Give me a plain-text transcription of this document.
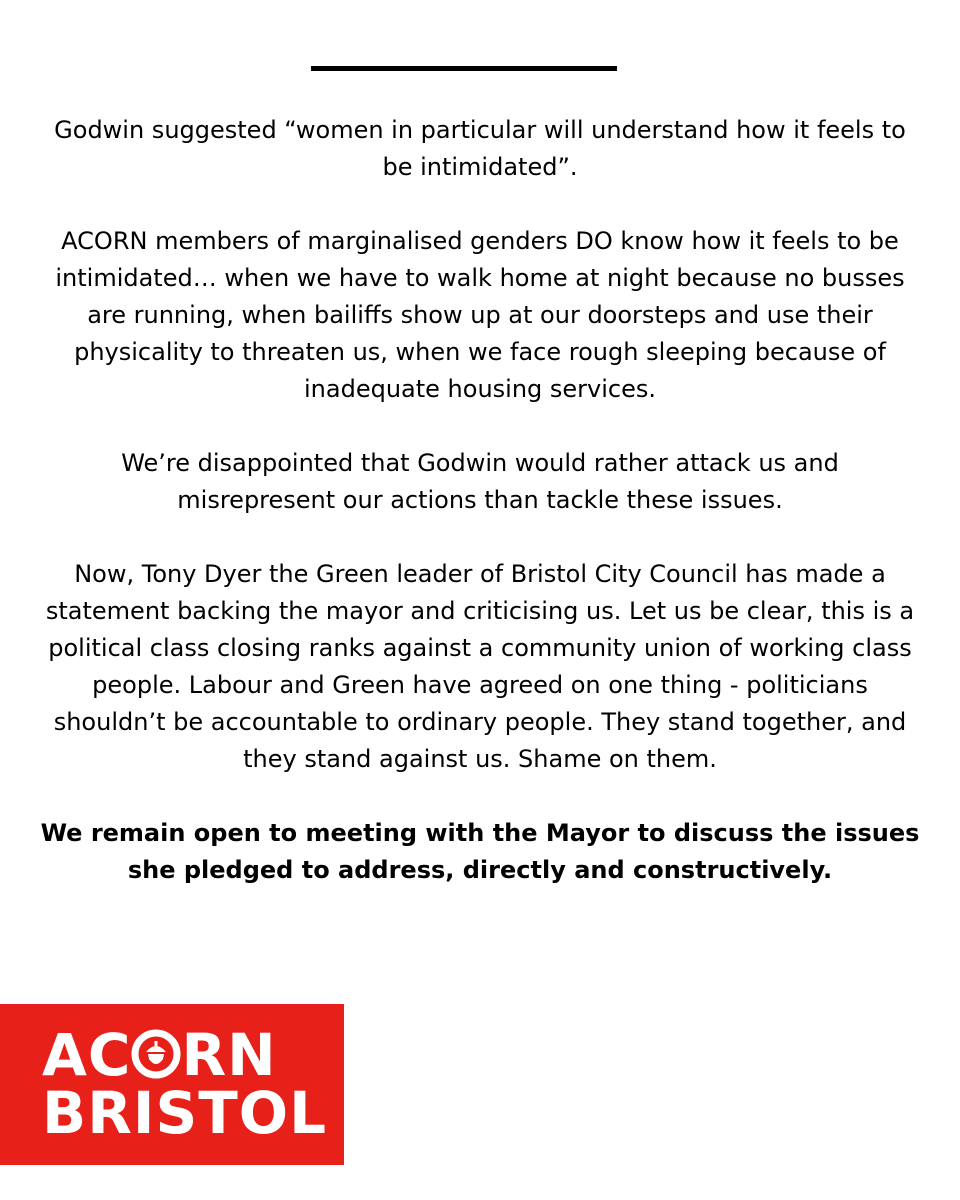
Godwin suggested “women in particular will understand how it feels to be intimidated”.

ACORN members of marginalised genders DO know how it feels to be intimidated… when we have to walk home at night because no busses are running, when bailiffs show up at our doorsteps and use their physicality to threaten us, when we face rough sleeping because of inadequate housing services.

We’re disappointed that Godwin would rather attack us and misrepresent our actions than tackle these issues.

Now, Tony Dyer the Green leader of Bristol City Council has made a statement backing the mayor and criticising us. Let us be clear, this is a political class closing ranks against a community union of working class people. Labour and Green have agreed on one thing - politicians shouldn’t be accountable to ordinary people. They stand together, and they stand against us. Shame on them.

We remain open to meeting with the Mayor to discuss the issues she pledged to address, directly and constructively.

AC RN
BRISTOL
